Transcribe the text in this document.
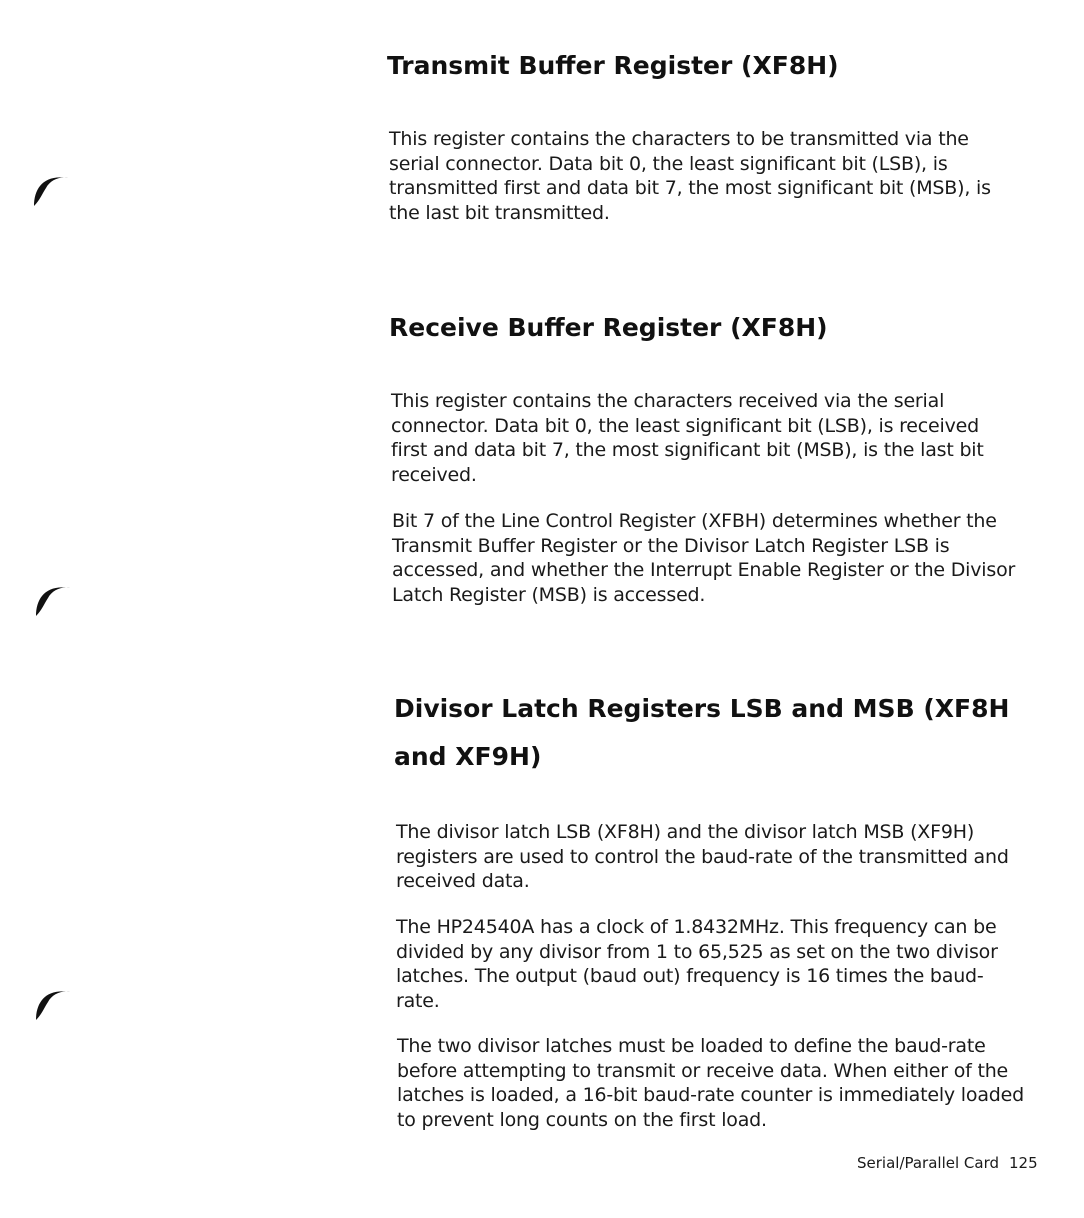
Transmit Buffer Register (XF8H)

This register contains the characters to be transmitted via the serial connector. Data bit 0, the least significant bit (LSB), is transmitted first and data bit 7, the most significant bit (MSB), is the last bit transmitted.

Receive Buffer Register (XF8H)

This register contains the characters received via the serial connector. Data bit 0, the least significant bit (LSB), is received first and data bit 7, the most significant bit (MSB), is the last bit received.

Bit 7 of the Line Control Register (XFBH) determines whether the Transmit Buffer Register or the Divisor Latch Register LSB is accessed, and whether the Interrupt Enable Register or the Divisor Latch Register (MSB) is accessed.

Divisor Latch Registers LSB and MSB (XF8H and XF9H)

The divisor latch LSB (XF8H) and the divisor latch MSB (XF9H) registers are used to control the baud-rate of the transmitted and received data.

The HP24540A has a clock of 1.8432MHz. This frequency can be divided by any divisor from 1 to 65,525 as set on the two divisor latches. The output (baud out) frequency is 16 times the baud-rate.

The two divisor latches must be loaded to define the baud-rate before attempting to transmit or receive data. When either of the latches is loaded, a 16-bit baud-rate counter is immediately loaded to prevent long counts on the first load.

Serial/Parallel Card 125
